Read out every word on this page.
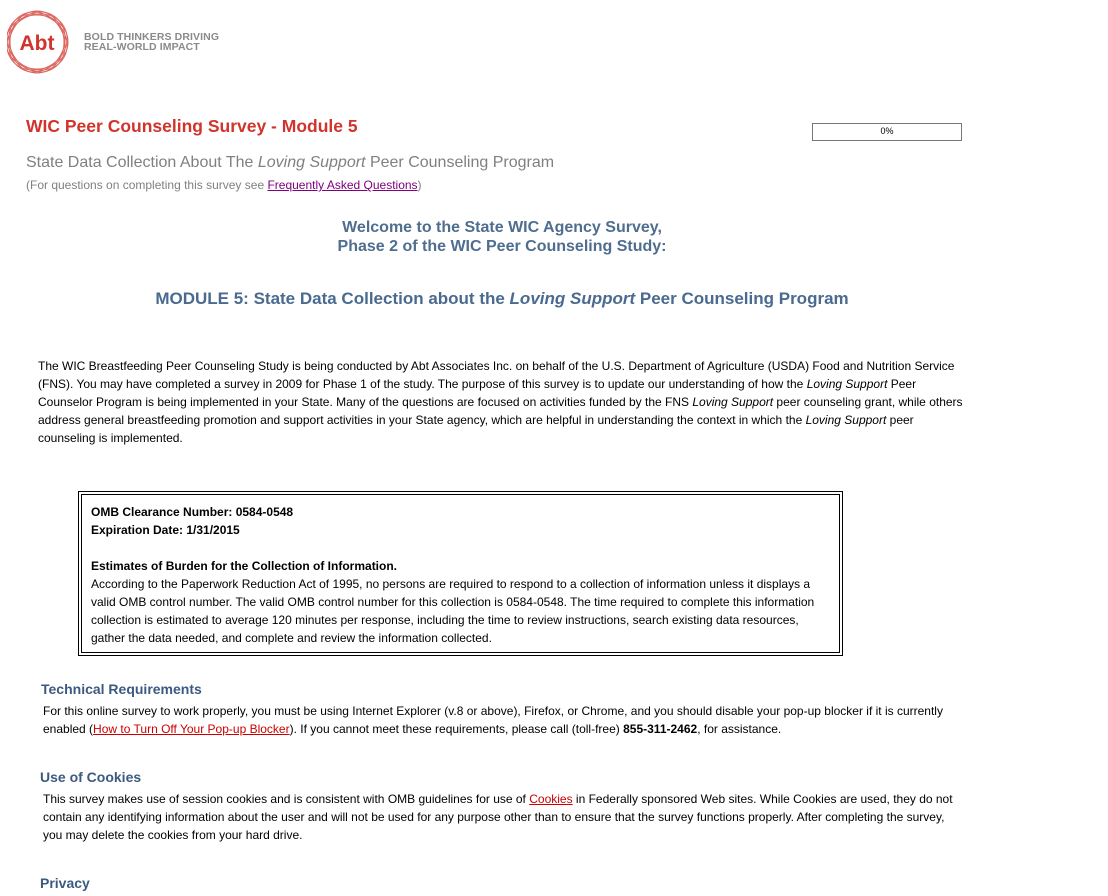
Abt	BOLD THINKERS DRIVING
REAL-WORLD IMPACT
WIC Peer Counseling Survey - Module 5	0%
State Data Collection About The Loving Support Peer Counseling Program
(For questions on completing this survey see Frequently Asked Questions)
Welcome to the State WIC Agency Survey,
Phase 2 of the WIC Peer Counseling Study:
MODULE 5: State Data Collection about the Loving Support Peer Counseling Program
The WIC Breastfeeding Peer Counseling Study is being conducted by Abt Associates Inc. on behalf of the U.S. Department of Agriculture (USDA) Food and Nutrition Service (FNS). You may have completed a survey in 2009 for Phase 1 of the study. The purpose of this survey is to update our understanding of how the Loving Support Peer Counselor Program is being implemented in your State. Many of the questions are focused on activities funded by the FNS Loving Support peer counseling grant, while others address general breastfeeding promotion and support activities in your State agency, which are helpful in understanding the context in which the Loving Support peer counseling is implemented.
OMB Clearance Number: 0584-0548
Expiration Date: 1/31/2015
Estimates of Burden for the Collection of Information.
According to the Paperwork Reduction Act of 1995, no persons are required to respond to a collection of information unless it displays a valid OMB control number. The valid OMB control number for this collection is 0584-0548. The time required to complete this information collection is estimated to average 120 minutes per response, including the time to review instructions, search existing data resources, gather the data needed, and complete and review the information collected.
Technical Requirements
For this online survey to work properly, you must be using Internet Explorer (v.8 or above), Firefox, or Chrome, and you should disable your pop-up blocker if it is currently enabled (How to Turn Off Your Pop-up Blocker). If you cannot meet these requirements, please call (toll-free) 855-311-2462, for assistance.
Use of Cookies
This survey makes use of session cookies and is consistent with OMB guidelines for use of Cookies in Federally sponsored Web sites. While Cookies are used, they do not contain any identifying information about the user and will not be used for any purpose other than to ensure that the survey functions properly. After completing the survey, you may delete the cookies from your hard drive.
Privacy
